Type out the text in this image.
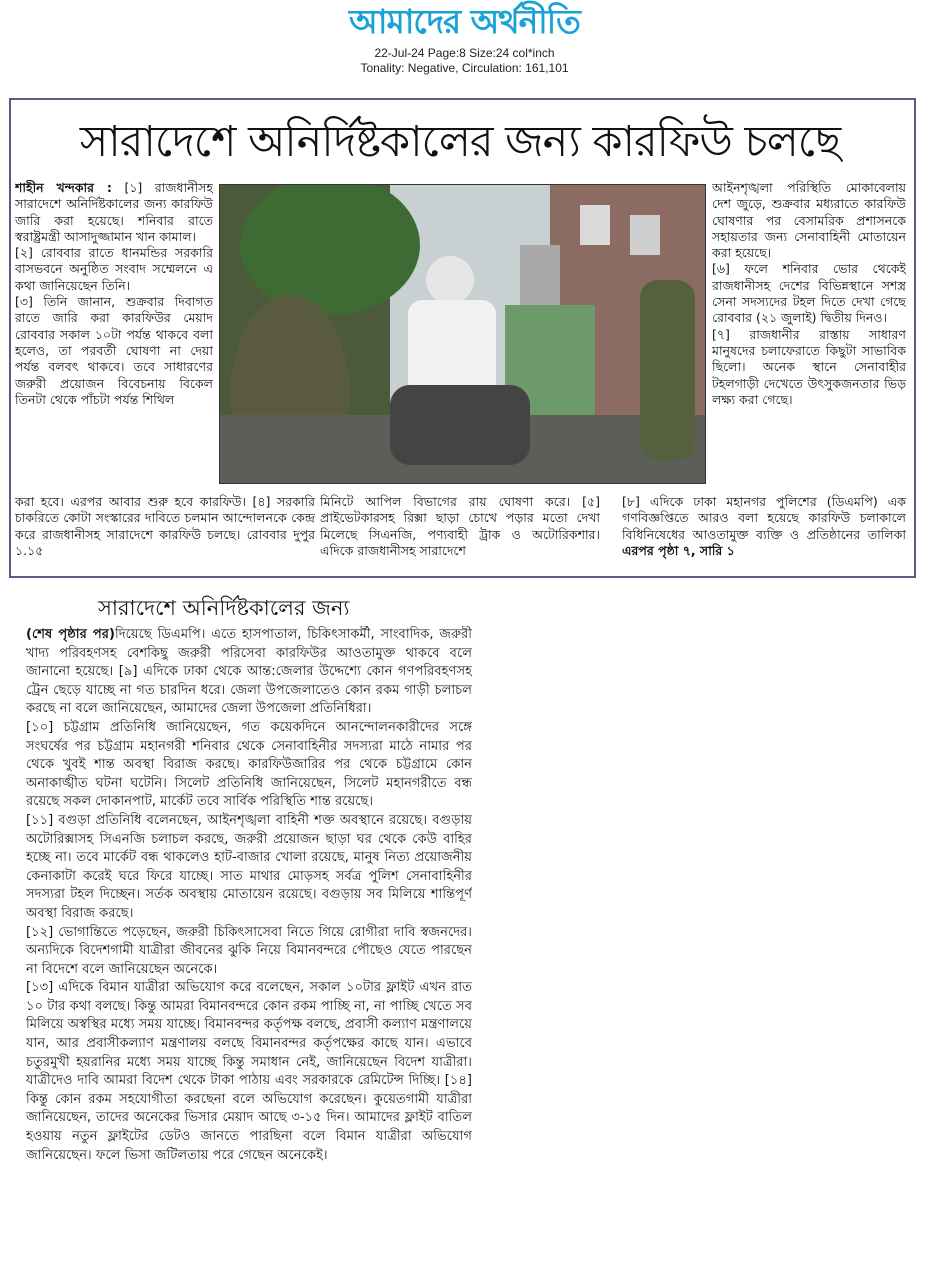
আমাদের অর্থনীতি
22-Jul-24 Page:8 Size:24 col*inch
Tonality: Negative, Circulation: 161,101
সারাদেশে অনির্দিষ্টকালের জন্য কারফিউ চলছে

শাহীন খন্দকার : [১] রাজধানীসহ সারাদেশে অনির্দিষ্টকালের জন্য কারফিউ জারি করা হয়েছে। শনিবার রাতে স্বরাষ্ট্রমন্ত্রী আসাদুজ্জামান খান কামাল।

[২] রোববার রাতে ধানমন্ডির সরকারি বাসভবনে অনুষ্ঠিত সংবাদ সম্মেলনে এ কথা জানিয়েছেন তিনি।

[৩] তিনি জানান, শুক্রবার দিবাগত রাতে জারি করা কারফিউর মেয়াদ রোববার সকাল ১০টা পর্যন্ত থাকবে বলা হলেও, তা পরবর্তী ঘোষণা না দেয়া পর্যন্ত বলবৎ থাকবে। তবে সাধারণের জরুরী প্রয়োজন বিবেচনায় বিকেল তিনটা থেকে পাঁচটা পর্যন্ত শিথিল

আইনশৃঙ্খলা পরিস্থিতি মোকাবেলায় দেশ জুড়ে, শুক্রবার মধ্যরাতে কারফিউ ঘোষণার পর বেসামরিক প্রশাসনকে সহায়তার জন্য সেনাবাহিনী মোতায়েন করা হয়েছে।

[৬] ফলে শনিবার ভোর থেকেই রাজধানীসহ দেশের বিভিন্নস্থানে সশস্ত্র সেনা সদস্যদের টহল দিতে দেখা গেছে রোববার (২১ জুলাই) দ্বিতীয় দিনও।

[৭] রাজধানীর রাস্তায় সাধারণ মানুষদের চলাফেরাতে কিছুটা সাভাবিক ছিলো। অনেক স্থানে সেনাবাহীর টহলগাড়ী দেখেতে উৎসুকজনতার ভিড় লক্ষ্য করা গেছে।

করা হবে। এরপর আবার শুরু হবে কারফিউ। [৪] সরকারি চাকরিতে কোটা সংস্কারের দাবিতে চলমান আন্দোলনকে কেন্দ্র করে রাজধানীসহ সারাদেশে কারফিউ চলছে। রোববার দুপুর ১.১৫
মিনিটে আপিল বিভাগের রায় ঘোষণা করে। [৫] প্রাইভেটকারসহ রিক্সা ছাড়া চোখে পড়ার মতো দেখা মিলেছে সিএনজি, পণ্যবাহী ট্রাক ও অটোরিকশার। এদিকে রাজধানীসহ সারাদেশে
[৮] এদিকে ঢাকা মহানগর পুলিশের (ডিএমপি) এক গণবিজ্ঞপ্তিতে আরও বলা হয়েছে কারফিউ চলাকালে বিধিনিষেধের আওতামুক্ত ব্যক্তি ও প্রতিষ্ঠানের তালিকা এরপর পৃষ্ঠা ৭, সারি ১
সারাদেশে অনির্দিষ্টকালের জন্য

(শেষ পৃষ্ঠার পর)দিয়েছে ডিএমপি। এতে হাসপাতাল, চিকিৎসাকর্মী, সাংবাদিক, জরুরী খাদ্য পরিবহণসহ বেশকিছু জরুরী পরিসেবা কারফিউর আওতামুক্ত থাকবে বলে জানানো হয়েছে। [৯] এদিকে ঢাকা থেকে আন্ত:জেলার উদ্দেশ্যে কোন গণপরিবহণসহ ট্রেন ছেড়ে যাচ্ছে না গত চারদিন ধরে। জেলা উপজেলাতেও কোন রকম গাড়ী চলাচল করছে না বলে জানিয়েছেন, আমাদের জেলা উপজেলা প্রতিনিধিরা।

[১০] চট্টগ্রাম প্রতিনিধি জানিয়েছেন, গত কয়েকদিনে আনন্দোলনকারীদের সঙ্গে সংঘর্ষের পর চট্টগ্রাম মহানগরী শনিবার থেকে সেনাবাহিনীর সদস্যরা মাঠে নামার পর থেকে খুবই শান্ত অবস্থা বিরাজ করছে। কারফিউজারির পর থেকে চট্টগ্রামে কোন অনাকাঙ্খীত ঘটনা ঘটেনি। সিলেট প্রতিনিধি জানিয়েছেন, সিলেট মহানগরীতে বন্ধ রয়েছে সকল দোকানপাট, মার্কেট তবে সার্বিক পরিস্থিতি শান্ত রয়েছে।

[১১] বগুড়া প্রতিনিধি বলেনছেন, আইনশৃঙ্খলা বাহিনী শক্ত অবস্থানে রয়েছে। বগুড়ায় অটোরিক্সাসহ সিএনজি চলাচল করছে, জরুরী প্রয়োজন ছাড়া ঘর থেকে কেউ বাহির হচ্ছে না। তবে মার্কেট বন্ধ থাকলেও হাট-বাজার খোলা রয়েছে, মানুষ নিত্য প্রয়োজনীয় কেনাকাটা করেই ঘরে ফিরে যাচ্ছে। সাত মাথার মোড়সহ সর্বত্র পুলিশ সেনাবাহিনীর সদস্যরা টহল দিচ্ছেন। সর্তক অবস্থায় মোতায়েন রয়েছে। বগুড়ায় সব মিলিয়ে শান্তিপূর্ণ অবস্থা বিরাজ করছে।

[১২] ভোগান্তিতে পড়েছেন, জরুরী চিকিৎসাসেবা নিতে গিয়ে রোগীরা দাবি স্বজনদের। অন্যদিকে বিদেশগামী যাত্রীরা জীবনের ঝুকি নিয়ে বিমানবন্দরে পৌছেও যেতে পারছেন না বিদেশে বলে জানিয়েছেন অনেকে।

[১৩] এদিকে বিমান যাত্রীরা অভিযোগ করে বলেছেন, সকাল ১০টার ফ্লাইট এখন রাত ১০ টার কথা বলছে। কিন্তু আমরা বিমানবন্দরে কোন রকম পাচ্ছি না, না পাচ্ছি খেতে সব মিলিয়ে অস্বস্থির মধ্যে সময় যাচ্ছে। বিমানবন্দর কর্তৃপক্ষ বলছে, প্রবাসী কল্যাণ মন্ত্রণালয়ে যান, আর প্রবাসীকল্যাণ মন্ত্রণালয় বলছে বিমানবন্দর কর্তৃপক্ষের কাছে যান। এভাবে চতুরমুখী হয়রানির মধ্যে সময় যাচ্ছে কিন্তু সমাধান নেই, জানিয়েছেন বিদেশ যাত্রীরা। যাত্রীদেও দাবি আমরা বিদেশ থেকে টাকা পাঠায় এবং সরকারকে রেমিটেন্স দিচ্ছি। [১৪] কিন্তু কোন রকম সহযোগীতা করছেনা বলে অভিযোগ করেছেন। কুয়েতগামী যাত্রীরা জানিয়েছেন, তাদের অনেকের ভিসার মেয়াদ আছে ৩-১৫ দিন। আমাদের ফ্লাইট বাতিল হওয়ায় নতুন ফ্লাইটের ডেটও জানতে পারছিনা বলে বিমান যাত্রীরা অভিযোগ জানিয়েছেন। ফলে ভিসা জটিলতায় পরে গেছেন অনেকেই।
